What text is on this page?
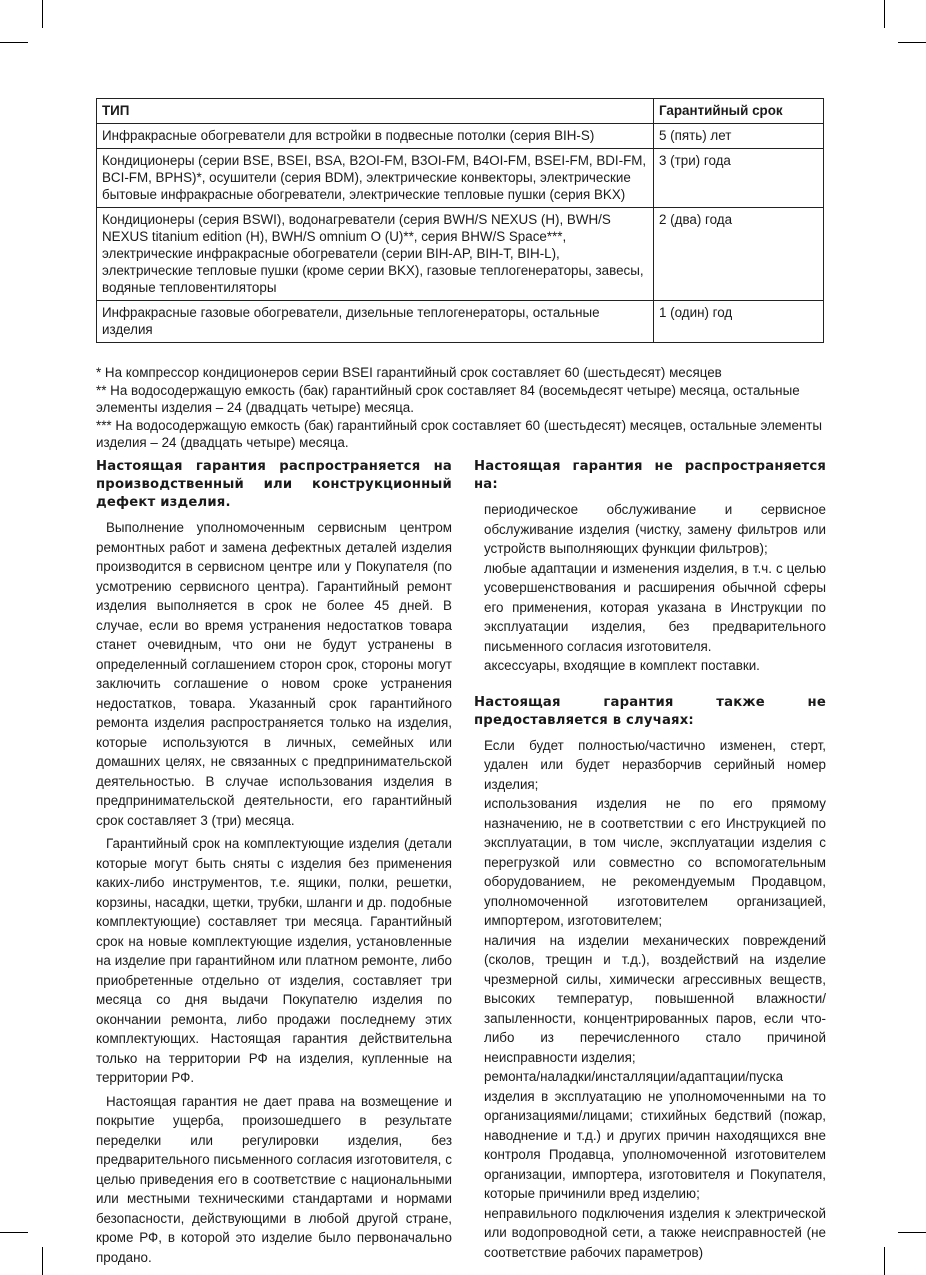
ТИП	Гарантийный срок
Инфракрасные обогреватели для встройки в подвесные потолки (серия BIH-S)	5 (пять) лет
Кондиционеры (серии BSE, BSEI, BSA, B2OI-FM, B3OI-FM, B4OI-FM, BSEI-FM, BDI-FM, BCI-FM, BPHS)*, осушители (серия BDM), электрические конвекторы, электрические бытовые инфракрасные обогреватели, электрические тепловые пушки (серия BKX)	3 (три) года
Кондиционеры (серия BSWI), водонагреватели (серия BWH/S NEXUS (H), BWH/S NEXUS titanium edition (H), BWH/S omnium O (U)**, серия BHW/S Space***, электрические инфракрасные обогреватели (серии BIH-AP, BIH-T, BIH-L), электрические тепловые пушки (кроме серии BKX), газовые теплогенераторы, завесы, водяные тепловентиляторы	2 (два) года
Инфракрасные газовые обогреватели, дизельные теплогенераторы, остальные изделия	1 (один) год

* На компрессор кондиционеров серии BSEI гарантийный срок составляет 60 (шестьдесят) месяцев

** На водосодержащую емкость (бак) гарантийный срок составляет 84 (восемьдесят четыре) месяца, остальные элементы изделия – 24 (двадцать четыре) месяца.

*** На водосодержащую емкость (бак) гарантийный срок составляет 60 (шестьдесят) месяцев, остальные элементы изделия – 24 (двадцать четыре) месяца.

Настоящая гарантия распространяется на производственный или конструкционный дефект изделия.

Выполнение уполномоченным сервисным центром ремонтных работ и замена дефектных деталей изделия производится в сервисном центре или у Покупателя (по усмотрению сервисного центра). Гарантийный ремонт изделия выполняется в срок не более 45 дней. В случае, если во время устранения недостатков товара станет очевидным, что они не будут устранены в определенный соглашением сторон срок, стороны могут заключить соглашение о новом сроке устранения недостатков, товара. Указанный срок гарантийного ремонта изделия распространяется только на изделия, которые используются в личных, семейных или домашних целях, не связанных с предпринимательской деятельностью. В случае использования изделия в предпринимательской деятельности, его гарантийный срок составляет 3 (три) месяца.

Гарантийный срок на комплектующие изделия (детали которые могут быть сняты с изделия без применения каких-либо инструментов, т.е. ящики, полки, решетки, корзины, насадки, щетки, трубки, шланги и др. подобные комплектующие) составляет три месяца. Гарантийный срок на новые комплектующие изделия, установленные на изделие при гарантийном или платном ремонте, либо приобретенные отдельно от изделия, составляет три месяца со дня выдачи Покупателю изделия по окончании ремонта, либо продажи последнему этих комплектующих. Настоящая гарантия действительна только на территории РФ на изделия, купленные на территории РФ.

Настоящая гарантия не дает права на возмещение и покрытие ущерба, произошедшего в результате переделки или регулировки изделия, без предварительного письменного согласия изготовителя, с целью приведения его в соответствие с национальными или местными техническими стандартами и нормами безопасности, действующими в любой другой стране, кроме РФ, в которой это изделие было первоначально продано.

Настоящая гарантия не распространяется на:

периодическое обслуживание и сервисное обслуживание изделия (чистку, замену фильтров или устройств выполняющих функции фильтров);

любые адаптации и изменения изделия, в т.ч. с целью усовершенствования и расширения обычной сферы его применения, которая указана в Инструкции по эксплуатации изделия, без предварительного письменного согласия изготовителя.

аксессуары, входящие в комплект поставки.

Настоящая гарантия также не предоставляется в случаях:

Если будет полностью/частично изменен, стерт, удален или будет неразборчив серийный номер изделия;

использования изделия не по его прямому назначению, не в соответствии с его Инструкцией по эксплуатации, в том числе, эксплуатации изделия с перегрузкой или совместно со вспомогательным оборудованием, не рекомендуемым Продавцом, уполномоченной изготовителем организацией, импортером, изготовителем;

наличия на изделии механических повреждений (сколов, трещин и т.д.), воздействий на изделие чрезмерной силы, химически агрессивных веществ, высоких температур, повышенной влажности/запыленности, концентрированных паров, если что-либо из перечисленного стало причиной неисправности изделия;

ремонта/наладки/инсталляции/адаптации/пуска изделия в эксплуатацию не уполномоченными на то организациями/лицами; стихийных бедствий (пожар, наводнение и т.д.) и других причин находящихся вне контроля Продавца, уполномоченной изготовителем организации, импортера, изготовителя и Покупателя, которые причинили вред изделию;

неправильного подключения изделия к электрической или водопроводной сети, а также неисправностей (не соответствие рабочих параметров)
